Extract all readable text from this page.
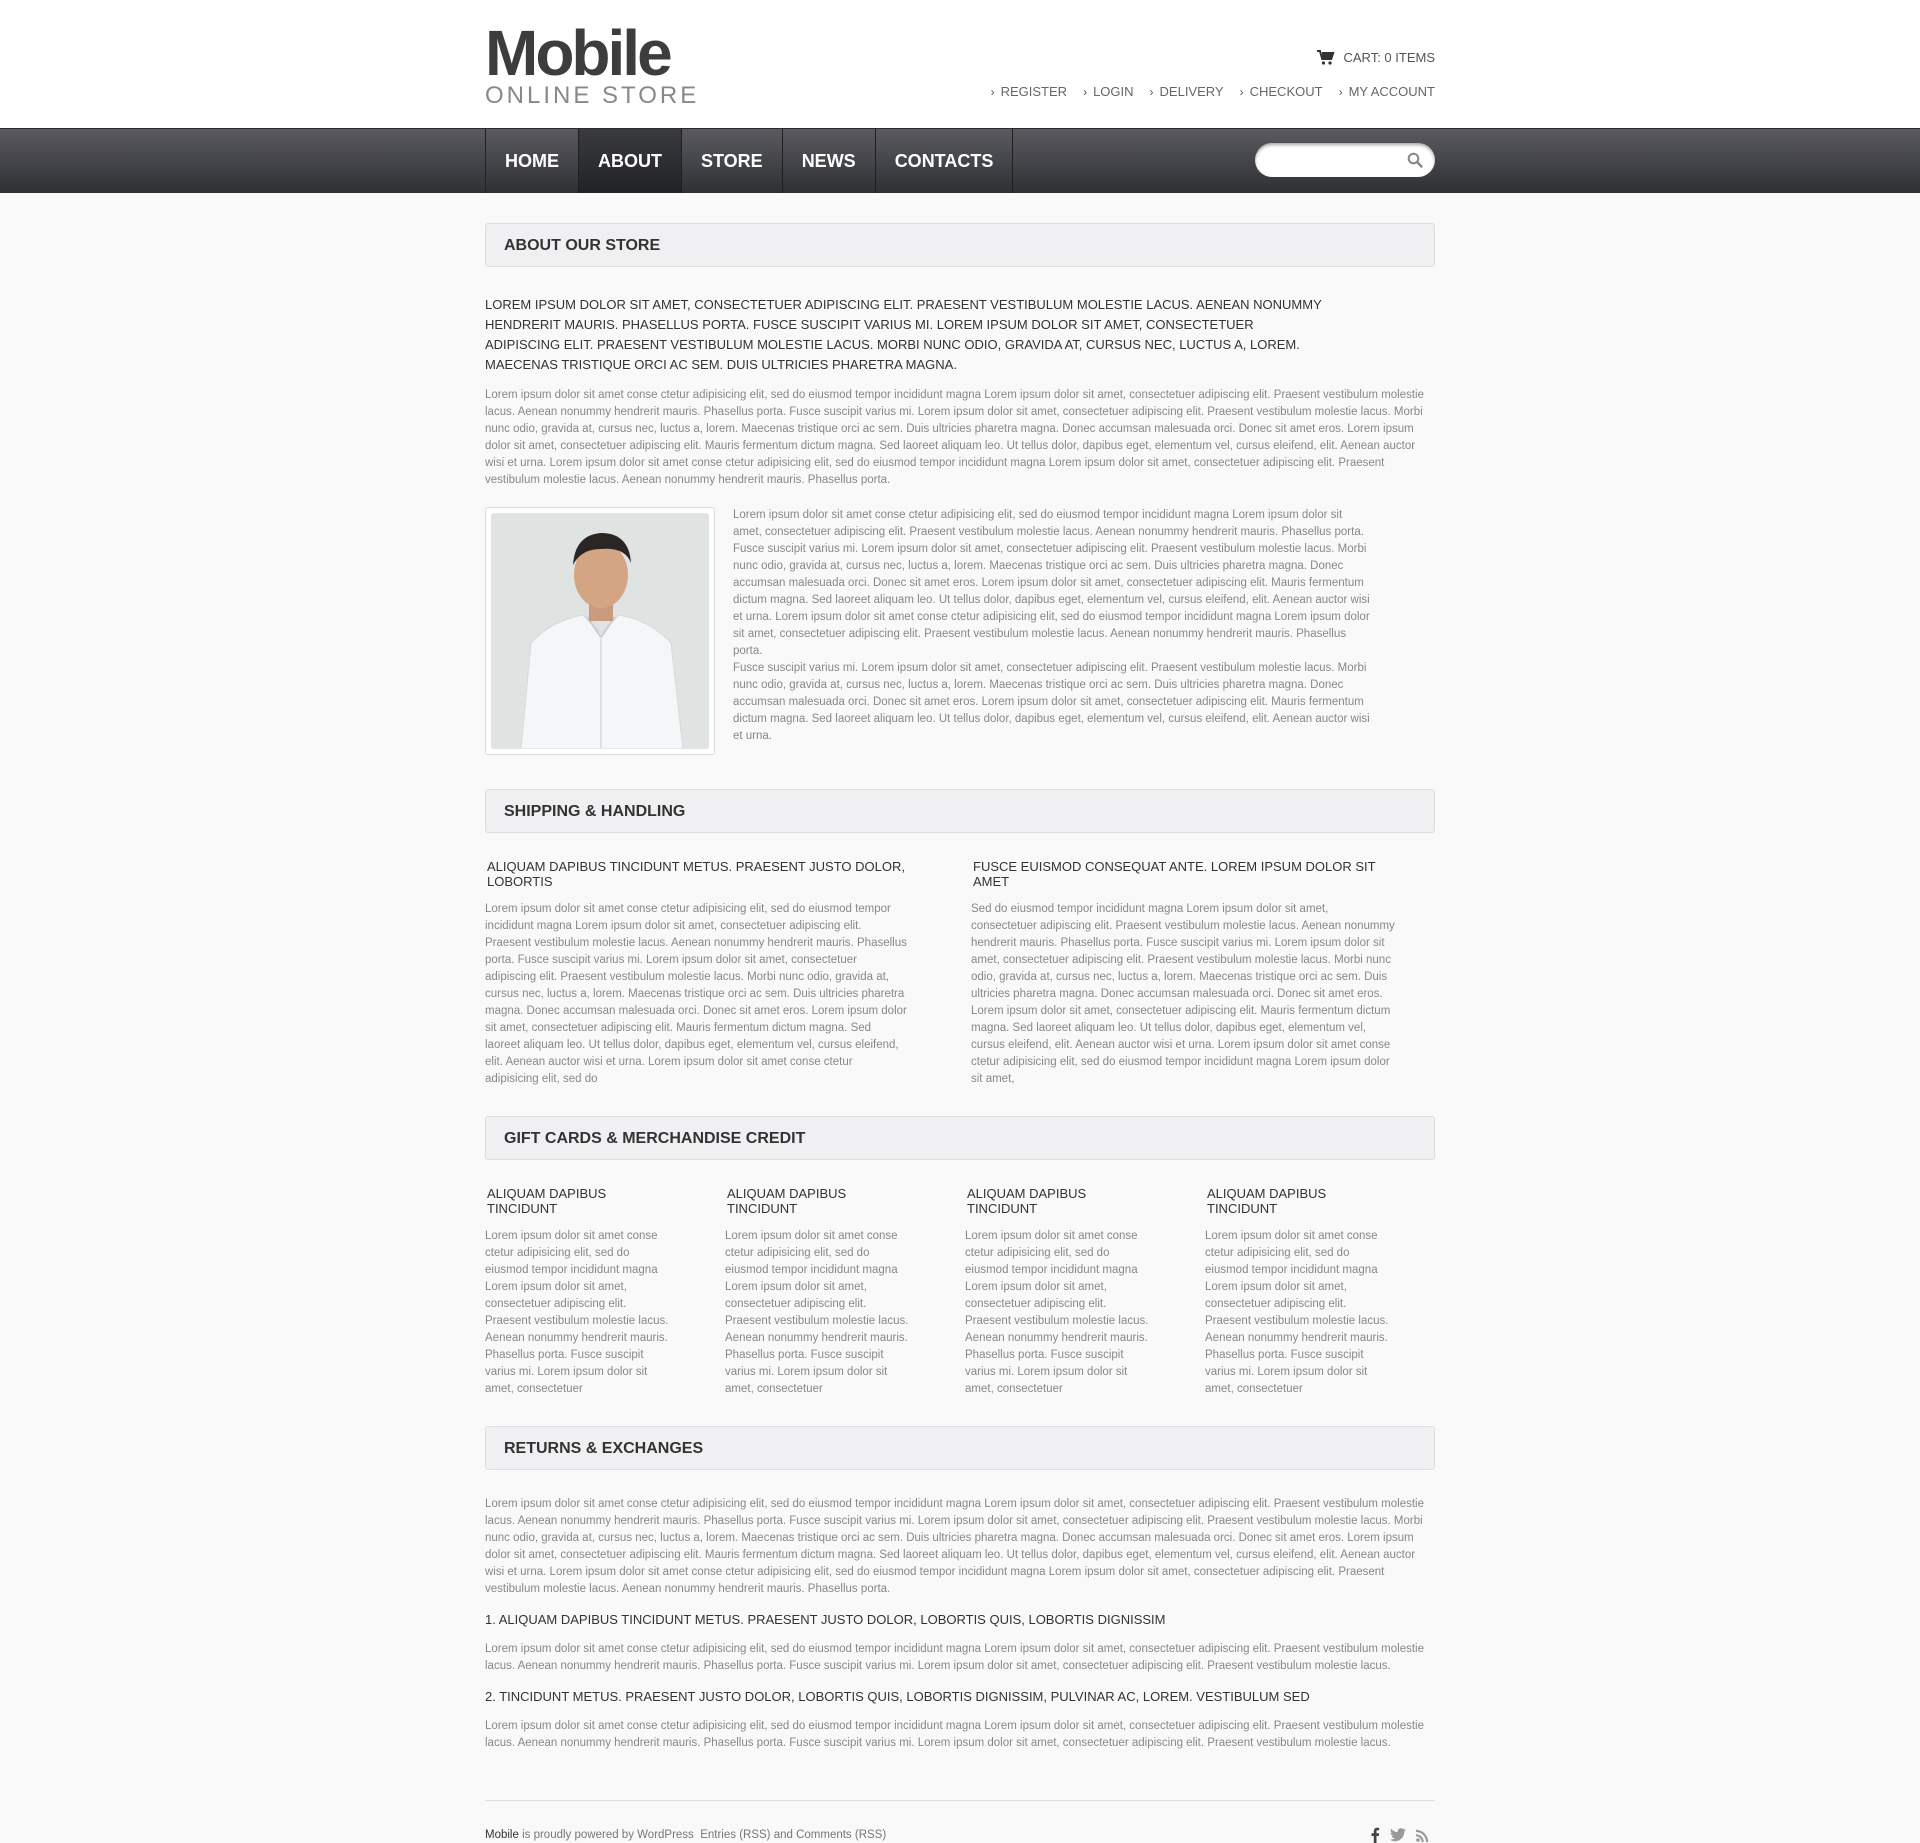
Mobile
ONLINE STORE
CART: 0 ITEMS
› REGISTER › LOGIN › DELIVERY › CHECKOUT › MY ACCOUNT
HOME	ABOUT	STORE	NEWS	CONTACTS
ABOUT OUR STORE

LOREM IPSUM DOLOR SIT AMET, CONSECTETUER ADIPISCING ELIT. PRAESENT VESTIBULUM MOLESTIE LACUS. AENEAN NONUMMY HENDRERIT MAURIS. PHASELLUS PORTA. FUSCE SUSCIPIT VARIUS MI. LOREM IPSUM DOLOR SIT AMET, CONSECTETUER ADIPISCING ELIT. PRAESENT VESTIBULUM MOLESTIE LACUS. MORBI NUNC ODIO, GRAVIDA AT, CURSUS NEC, LUCTUS A, LOREM. MAECENAS TRISTIQUE ORCI AC SEM. DUIS ULTRICIES PHARETRA MAGNA.

Lorem ipsum dolor sit amet conse ctetur adipisicing elit, sed do eiusmod tempor incididunt magna Lorem ipsum dolor sit amet, consectetuer adipiscing elit. Praesent vestibulum molestie lacus. Aenean nonummy hendrerit mauris. Phasellus porta. Fusce suscipit varius mi. Lorem ipsum dolor sit amet, consectetuer adipiscing elit. Praesent vestibulum molestie lacus. Morbi nunc odio, gravida at, cursus nec, luctus a, lorem. Maecenas tristique orci ac sem. Duis ultricies pharetra magna. Donec accumsan malesuada orci. Donec sit amet eros. Lorem ipsum dolor sit amet, consectetuer adipiscing elit. Mauris fermentum dictum magna. Sed laoreet aliquam leo. Ut tellus dolor, dapibus eget, elementum vel, cursus eleifend, elit. Aenean auctor wisi et urna. Lorem ipsum dolor sit amet conse ctetur adipisicing elit, sed do eiusmod tempor incididunt magna Lorem ipsum dolor sit amet, consectetuer adipiscing elit. Praesent vestibulum molestie lacus. Aenean nonummy hendrerit mauris. Phasellus porta.

Lorem ipsum dolor sit amet conse ctetur adipisicing elit, sed do eiusmod tempor incididunt magna Lorem ipsum dolor sit amet, consectetuer adipiscing elit. Praesent vestibulum molestie lacus. Aenean nonummy hendrerit mauris. Phasellus porta. Fusce suscipit varius mi. Lorem ipsum dolor sit amet, consectetuer adipiscing elit. Praesent vestibulum molestie lacus. Morbi nunc odio, gravida at, cursus nec, luctus a, lorem. Maecenas tristique orci ac sem. Duis ultricies pharetra magna. Donec accumsan malesuada orci. Donec sit amet eros. Lorem ipsum dolor sit amet, consectetuer adipiscing elit. Mauris fermentum dictum magna. Sed laoreet aliquam leo. Ut tellus dolor, dapibus eget, elementum vel, cursus eleifend, elit. Aenean auctor wisi et urna. Lorem ipsum dolor sit amet conse ctetur adipisicing elit, sed do eiusmod tempor incididunt magna Lorem ipsum dolor sit amet, consectetuer adipiscing elit. Praesent vestibulum molestie lacus. Aenean nonummy hendrerit mauris. Phasellus porta.

Fusce suscipit varius mi. Lorem ipsum dolor sit amet, consectetuer adipiscing elit. Praesent vestibulum molestie lacus. Morbi nunc odio, gravida at, cursus nec, luctus a, lorem. Maecenas tristique orci ac sem. Duis ultricies pharetra magna. Donec accumsan malesuada orci. Donec sit amet eros. Lorem ipsum dolor sit amet, consectetuer adipiscing elit. Mauris fermentum dictum magna. Sed laoreet aliquam leo. Ut tellus dolor, dapibus eget, elementum vel, cursus eleifend, elit. Aenean auctor wisi et urna.

SHIPPING & HANDLING
ALIQUAM DAPIBUS TINCIDUNT METUS. PRAESENT JUSTO DOLOR, LOBORTIS

Lorem ipsum dolor sit amet conse ctetur adipisicing elit, sed do eiusmod tempor incididunt magna Lorem ipsum dolor sit amet, consectetuer adipiscing elit. Praesent vestibulum molestie lacus. Aenean nonummy hendrerit mauris. Phasellus porta. Fusce suscipit varius mi. Lorem ipsum dolor sit amet, consectetuer adipiscing elit. Praesent vestibulum molestie lacus. Morbi nunc odio, gravida at, cursus nec, luctus a, lorem. Maecenas tristique orci ac sem. Duis ultricies pharetra magna. Donec accumsan malesuada orci. Donec sit amet eros. Lorem ipsum dolor sit amet, consectetuer adipiscing elit. Mauris fermentum dictum magna. Sed laoreet aliquam leo. Ut tellus dolor, dapibus eget, elementum vel, cursus eleifend, elit. Aenean auctor wisi et urna. Lorem ipsum dolor sit amet conse ctetur adipisicing elit, sed do

FUSCE EUISMOD CONSEQUAT ANTE. LOREM IPSUM DOLOR SIT AMET

Sed do eiusmod tempor incididunt magna Lorem ipsum dolor sit amet, consectetuer adipiscing elit. Praesent vestibulum molestie lacus. Aenean nonummy hendrerit mauris. Phasellus porta. Fusce suscipit varius mi. Lorem ipsum dolor sit amet, consectetuer adipiscing elit. Praesent vestibulum molestie lacus. Morbi nunc odio, gravida at, cursus nec, luctus a, lorem. Maecenas tristique orci ac sem. Duis ultricies pharetra magna. Donec accumsan malesuada orci. Donec sit amet eros. Lorem ipsum dolor sit amet, consectetuer adipiscing elit. Mauris fermentum dictum magna. Sed laoreet aliquam leo. Ut tellus dolor, dapibus eget, elementum vel, cursus eleifend, elit. Aenean auctor wisi et urna. Lorem ipsum dolor sit amet conse ctetur adipisicing elit, sed do eiusmod tempor incididunt magna Lorem ipsum dolor sit amet,

GIFT CARDS & MERCHANDISE CREDIT
ALIQUAM DAPIBUS TINCIDUNT

Lorem ipsum dolor sit amet conse ctetur adipisicing elit, sed do eiusmod tempor incididunt magna Lorem ipsum dolor sit amet, consectetuer adipiscing elit. Praesent vestibulum molestie lacus. Aenean nonummy hendrerit mauris. Phasellus porta. Fusce suscipit varius mi. Lorem ipsum dolor sit amet, consectetuer

ALIQUAM DAPIBUS TINCIDUNT

Lorem ipsum dolor sit amet conse ctetur adipisicing elit, sed do eiusmod tempor incididunt magna Lorem ipsum dolor sit amet, consectetuer adipiscing elit. Praesent vestibulum molestie lacus. Aenean nonummy hendrerit mauris. Phasellus porta. Fusce suscipit varius mi. Lorem ipsum dolor sit amet, consectetuer

ALIQUAM DAPIBUS TINCIDUNT

Lorem ipsum dolor sit amet conse ctetur adipisicing elit, sed do eiusmod tempor incididunt magna Lorem ipsum dolor sit amet, consectetuer adipiscing elit. Praesent vestibulum molestie lacus. Aenean nonummy hendrerit mauris. Phasellus porta. Fusce suscipit varius mi. Lorem ipsum dolor sit amet, consectetuer

ALIQUAM DAPIBUS TINCIDUNT

Lorem ipsum dolor sit amet conse ctetur adipisicing elit, sed do eiusmod tempor incididunt magna Lorem ipsum dolor sit amet, consectetuer adipiscing elit. Praesent vestibulum molestie lacus. Aenean nonummy hendrerit mauris. Phasellus porta. Fusce suscipit varius mi. Lorem ipsum dolor sit amet, consectetuer

RETURNS & EXCHANGES

Lorem ipsum dolor sit amet conse ctetur adipisicing elit, sed do eiusmod tempor incididunt magna Lorem ipsum dolor sit amet, consectetuer adipiscing elit. Praesent vestibulum molestie lacus. Aenean nonummy hendrerit mauris. Phasellus porta. Fusce suscipit varius mi. Lorem ipsum dolor sit amet, consectetuer adipiscing elit. Praesent vestibulum molestie lacus. Morbi nunc odio, gravida at, cursus nec, luctus a, lorem. Maecenas tristique orci ac sem. Duis ultricies pharetra magna. Donec accumsan malesuada orci. Donec sit amet eros. Lorem ipsum dolor sit amet, consectetuer adipiscing elit. Mauris fermentum dictum magna. Sed laoreet aliquam leo. Ut tellus dolor, dapibus eget, elementum vel, cursus eleifend, elit. Aenean auctor wisi et urna. Lorem ipsum dolor sit amet conse ctetur adipisicing elit, sed do eiusmod tempor incididunt magna Lorem ipsum dolor sit amet, consectetuer adipiscing elit. Praesent vestibulum molestie lacus. Aenean nonummy hendrerit mauris. Phasellus porta.

1. ALIQUAM DAPIBUS TINCIDUNT METUS. PRAESENT JUSTO DOLOR, LOBORTIS QUIS, LOBORTIS DIGNISSIM

Lorem ipsum dolor sit amet conse ctetur adipisicing elit, sed do eiusmod tempor incididunt magna Lorem ipsum dolor sit amet, consectetuer adipiscing elit. Praesent vestibulum molestie lacus. Aenean nonummy hendrerit mauris. Phasellus porta. Fusce suscipit varius mi. Lorem ipsum dolor sit amet, consectetuer adipiscing elit. Praesent vestibulum molestie lacus.

2. TINCIDUNT METUS. PRAESENT JUSTO DOLOR, LOBORTIS QUIS, LOBORTIS DIGNISSIM, PULVINAR AC, LOREM. VESTIBULUM SED

Lorem ipsum dolor sit amet conse ctetur adipisicing elit, sed do eiusmod tempor incididunt magna Lorem ipsum dolor sit amet, consectetuer adipiscing elit. Praesent vestibulum molestie lacus. Aenean nonummy hendrerit mauris. Phasellus porta. Fusce suscipit varius mi. Lorem ipsum dolor sit amet, consectetuer adipiscing elit. Praesent vestibulum molestie lacus.

Mobile is proudly powered by WordPress Entries (RSS) and Comments (RSS)
